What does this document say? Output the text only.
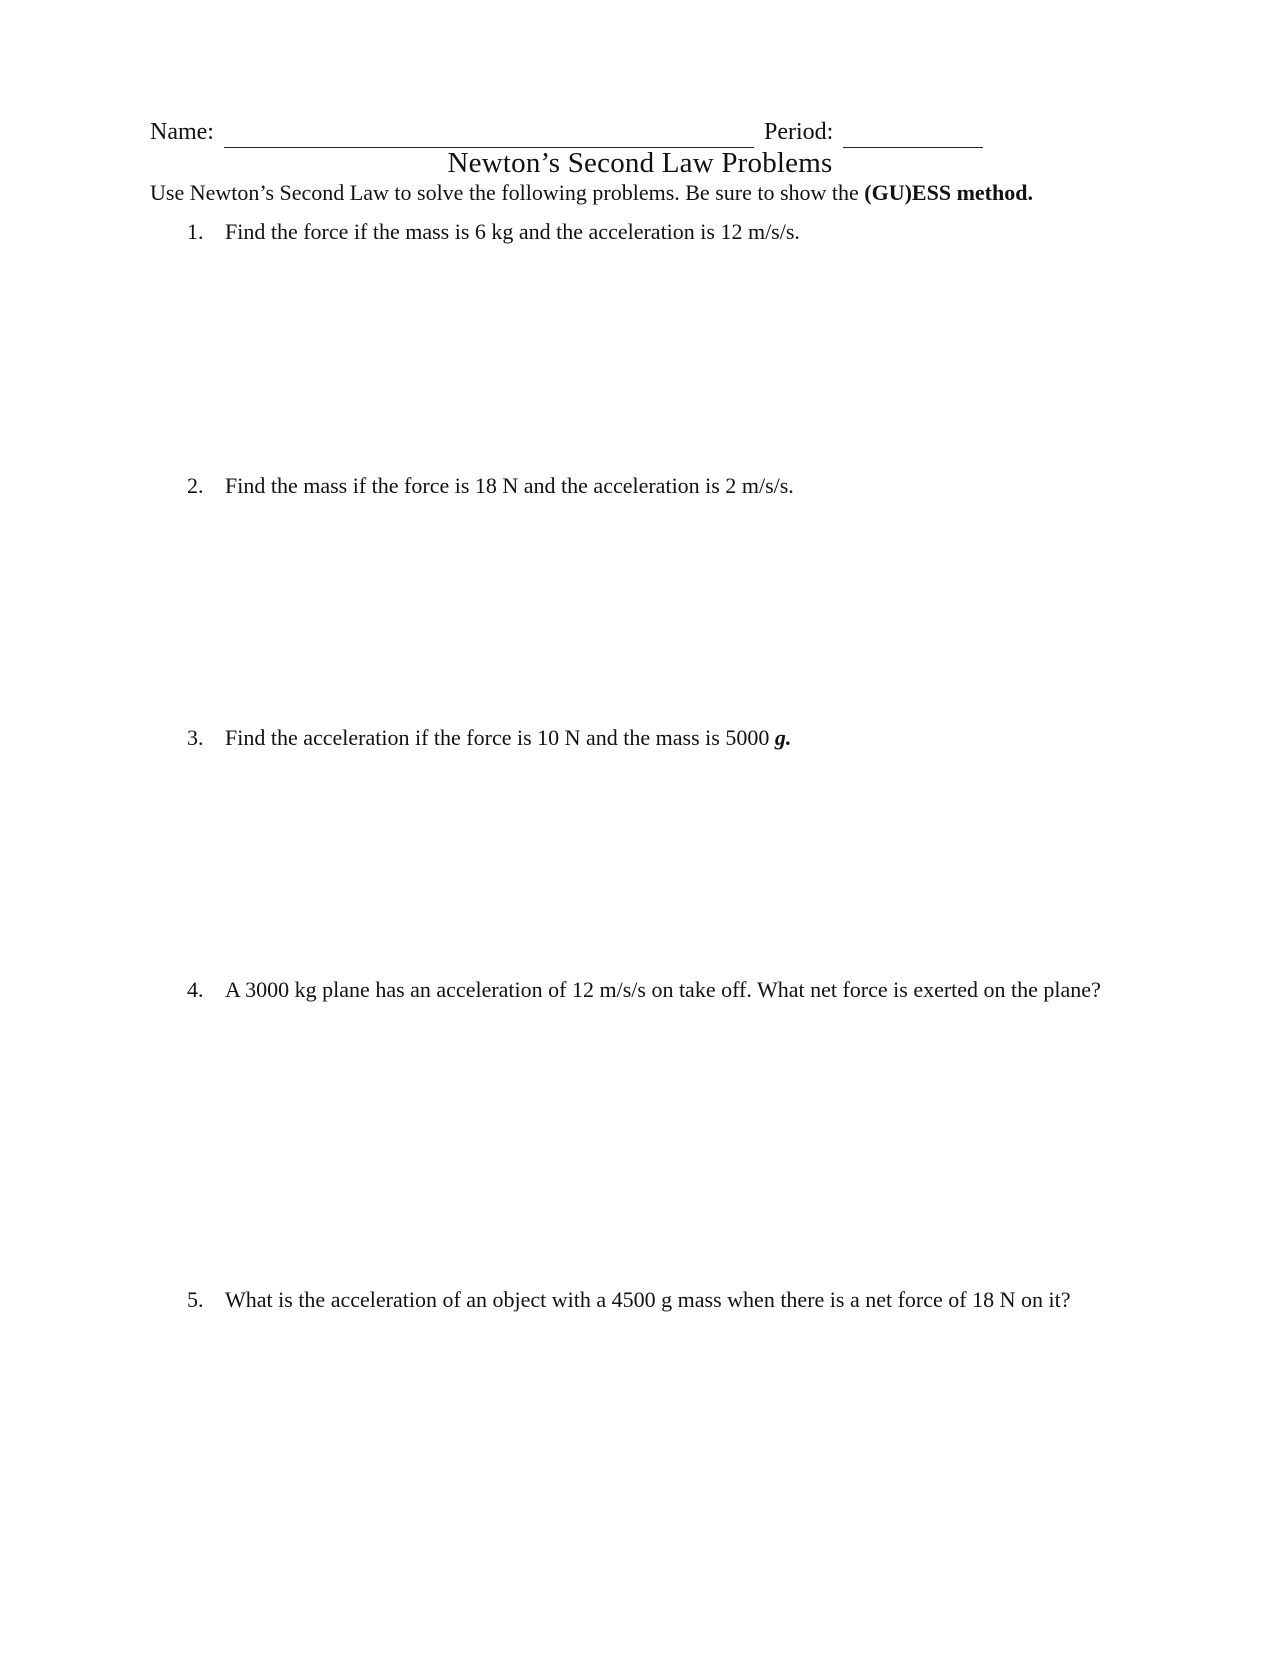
Name:	Period:
Newton’s Second Law Problems
Use Newton’s Second Law to solve the following problems. Be sure to show the (GU)ESS method.
1. Find the force if the mass is 6 kg and the acceleration is 12 m/s/s.
2. Find the mass if the force is 18 N and the acceleration is 2 m/s/s.
3. Find the acceleration if the force is 10 N and the mass is 5000 g.
4. A 3000 kg plane has an acceleration of 12 m/s/s on take off. What net force is exerted on the plane?
5. What is the acceleration of an object with a 4500 g mass when there is a net force of 18 N on it?
